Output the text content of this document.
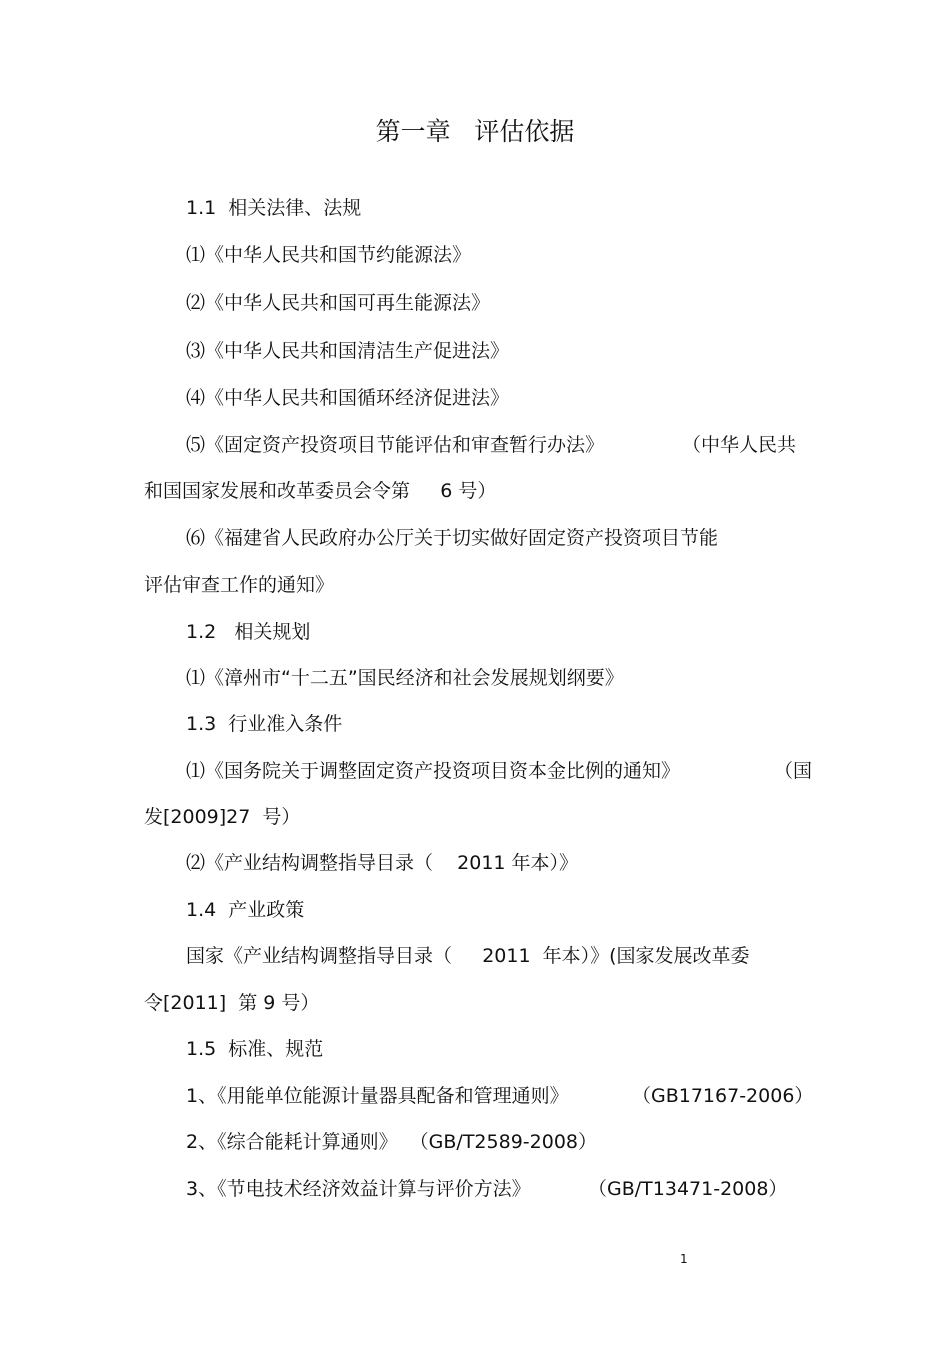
第一章   评估依据
1.1  相关法律、法规
⑴《中华人民共和国节约能源法》
⑵《中华人民共和国可再生能源法》
⑶《中华人民共和国清洁生产促进法》
⑷《中华人民共和国循环经济促进法》
⑸《固定资产投资项目节能评估和审查暂行办法》	（中华人民共
和国国家发展和改革委员会令第     6 号）
⑹《福建省人民政府办公厅关于切实做好固定资产投资项目节能
评估审查工作的通知》
1.2   相关规划
⑴《漳州市“十二五”国民经济和社会发展规划纲要》
1.3  行业准入条件
⑴《国务院关于调整固定资产投资项目资本金比例的通知》	（国
发[2009]27  号）
⑵《产业结构调整指导目录（    2011 年本）》
1.4  产业政策
国家《产业结构调整指导目录（     2011  年本）》(国家发展改革委
令[2011]  第 9 号）
1.5  标准、规范
1、《用能单位能源计量器具配备和管理通则》	（GB17167-2006）
2、《综合能耗计算通则》  （GB/T2589-2008）
3、《节电技术经济效益计算与评价方法》	（GB/T13471-2008）
1
